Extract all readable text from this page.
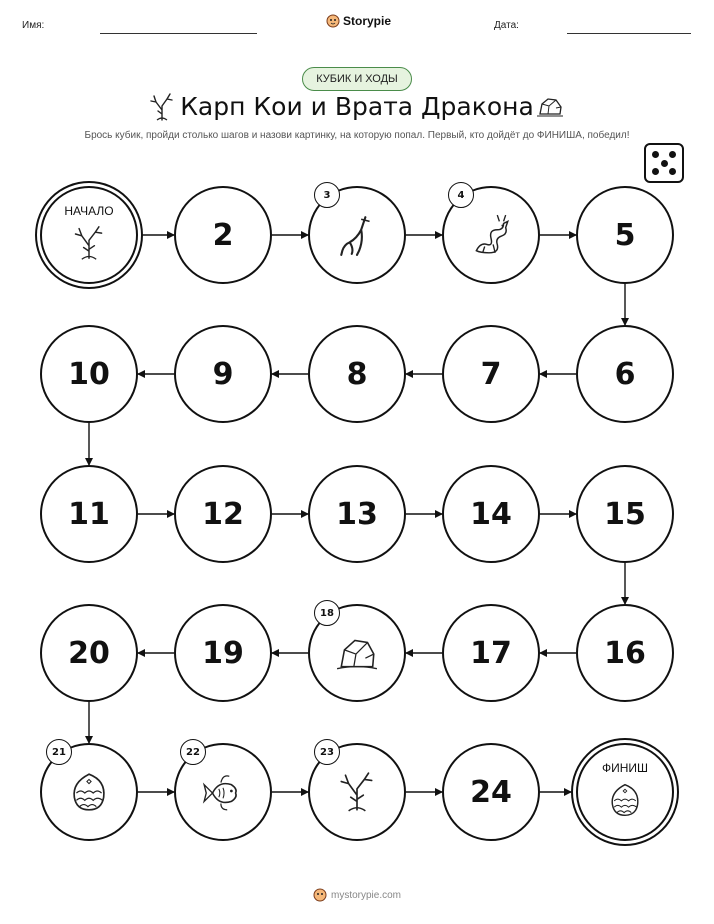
Имя:	Storypie	Дата:
КУБИК И ХОДЫ
Карп Кои и Врата Дракона
Брось кубик, пройди столько шагов и назови картинку, на которую попал. Первый, кто дойдёт до ФИНИША, победил!
НАЧАЛО
2
3	4
5
6
7
8
9
10
11	12	13	14	15
16
17
18
19
20
21	22	23
24
ФИНИШ
mystorypie.com
